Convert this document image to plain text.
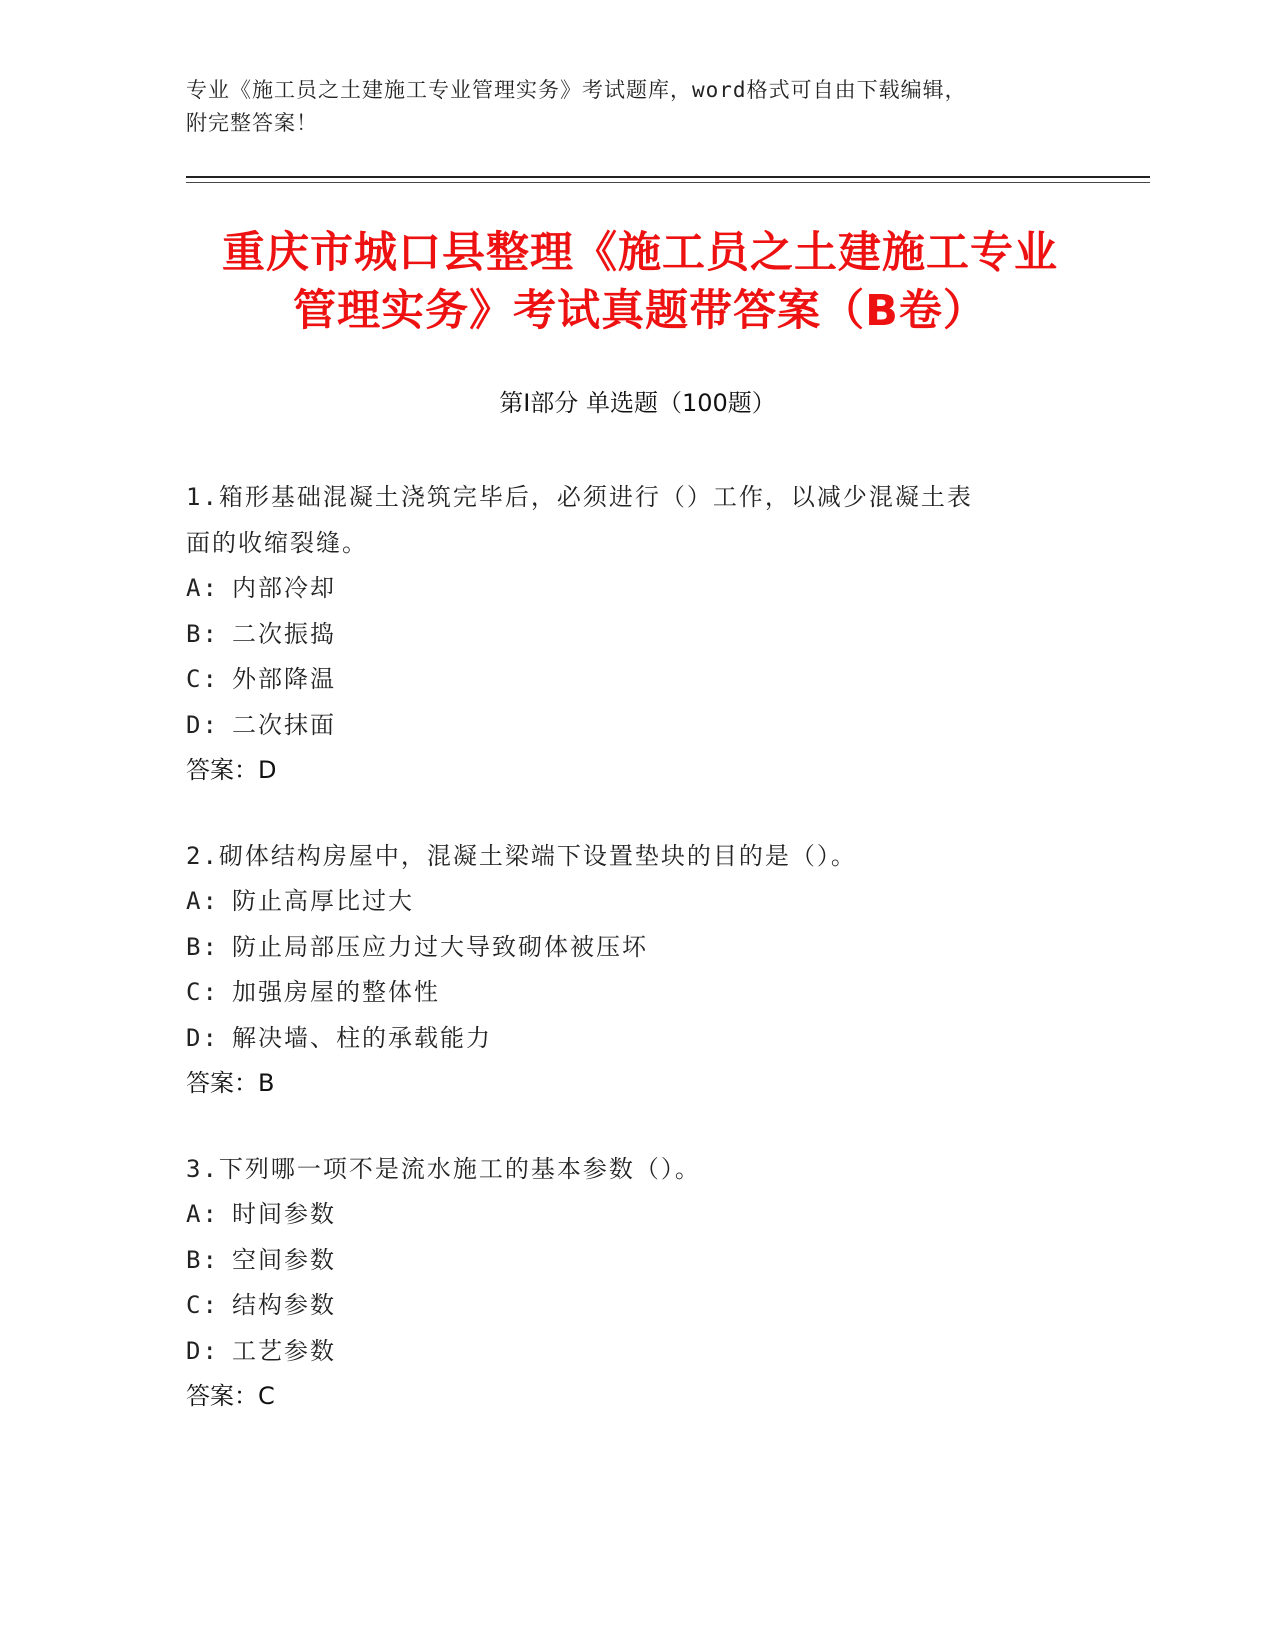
专业《施工员之土建施工专业管理实务》考试题库，word格式可自由下载编辑，
附完整答案！
重庆市城口县整理《施工员之土建施工专业
管理实务》考试真题带答案（B卷）
第Ⅰ部分 单选题（100题）
1.箱形基础混凝土浇筑完毕后，必须进行（）工作，以减少混凝土表
面的收缩裂缝。
A: 内部冷却
B: 二次振捣
C: 外部降温
D: 二次抹面
答案：D
2.砌体结构房屋中，混凝土梁端下设置垫块的目的是（）。
A: 防止高厚比过大
B: 防止局部压应力过大导致砌体被压坏
C: 加强房屋的整体性
D: 解决墙、柱的承载能力
答案：B
3.下列哪一项不是流水施工的基本参数（）。
A: 时间参数
B: 空间参数
C: 结构参数
D: 工艺参数
答案：C
